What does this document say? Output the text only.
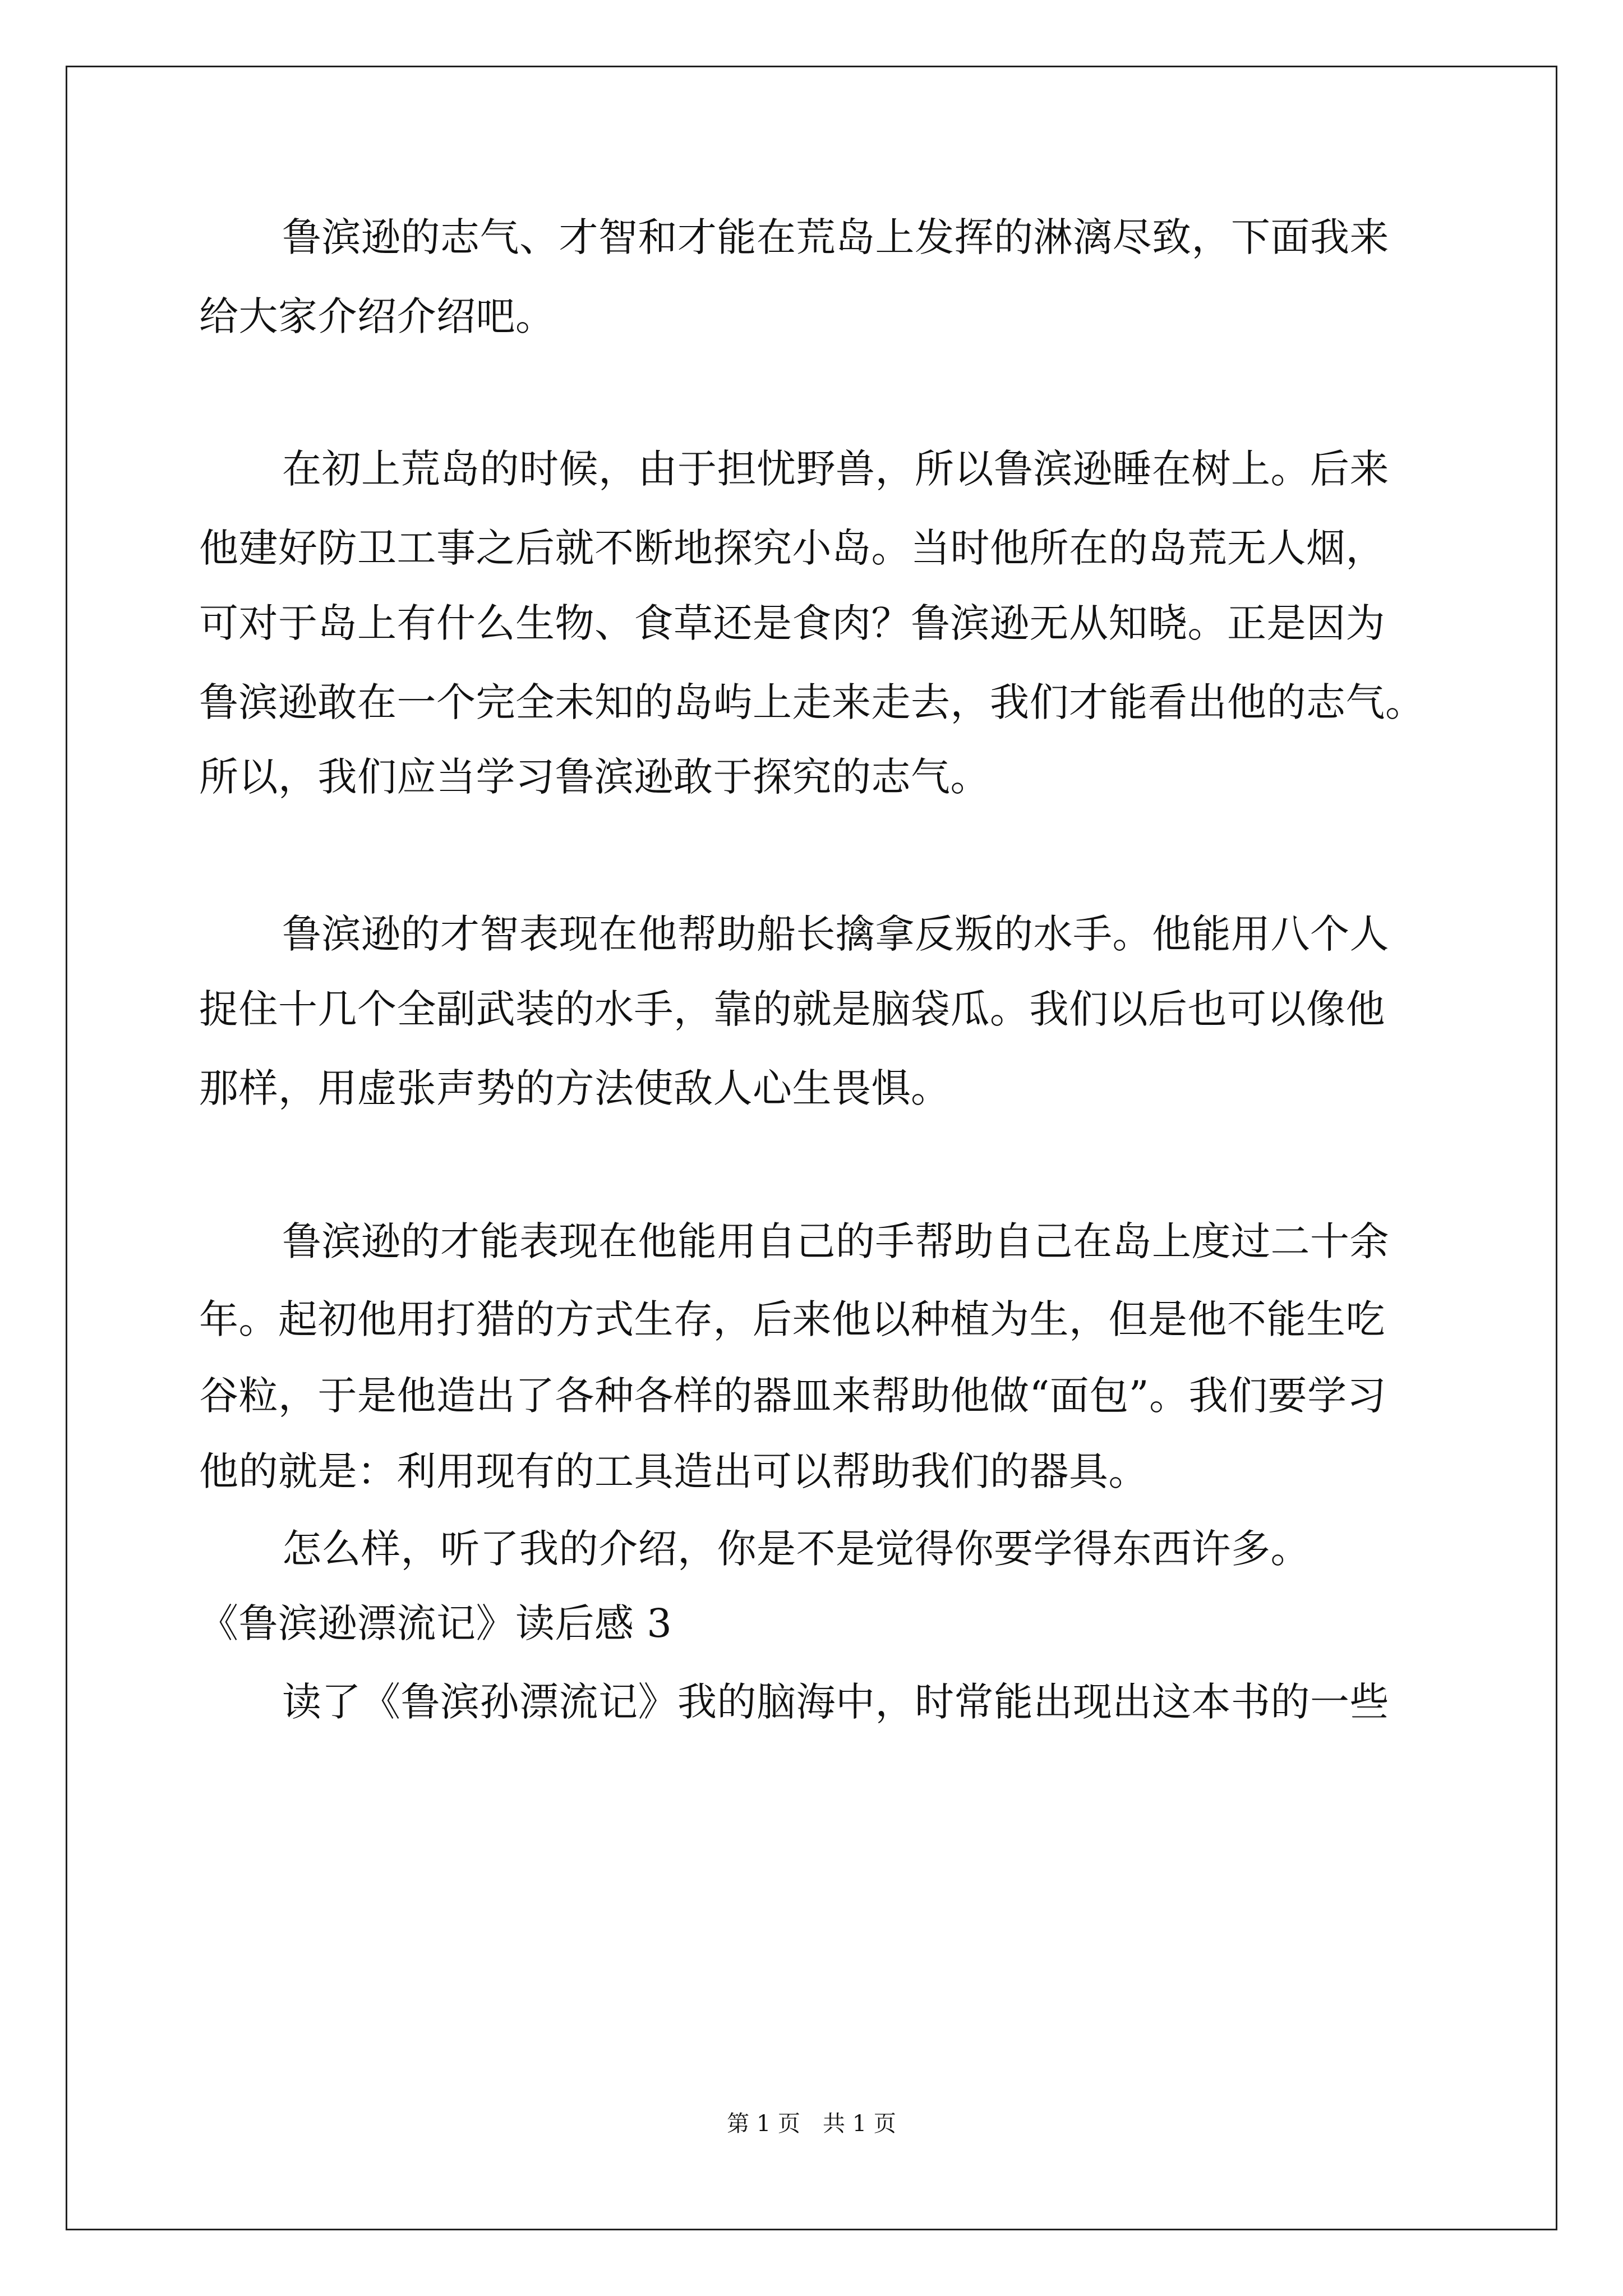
鲁滨逊的志气、才智和才能在荒岛上发挥的淋漓尽致，下面我来
给大家介绍介绍吧。
在初上荒岛的时候，由于担忧野兽，所以鲁滨逊睡在树上。后来
他建好防卫工事之后就不断地探究小岛。当时他所在的岛荒无人烟，
可对于岛上有什么生物、食草还是食肉？鲁滨逊无从知晓。正是因为
鲁滨逊敢在一个完全未知的岛屿上走来走去，我们才能看出他的志气。
所以，我们应当学习鲁滨逊敢于探究的志气。
鲁滨逊的才智表现在他帮助船长擒拿反叛的水手。他能用八个人
捉住十几个全副武装的水手，靠的就是脑袋瓜。我们以后也可以像他
那样，用虚张声势的方法使敌人心生畏惧。
鲁滨逊的才能表现在他能用自己的手帮助自己在岛上度过二十余
年。起初他用打猎的方式生存，后来他以种植为生，但是他不能生吃
谷粒，于是他造出了各种各样的器皿来帮助他做“面包”。我们要学习
他的就是：利用现有的工具造出可以帮助我们的器具。
怎么样，听了我的介绍，你是不是觉得你要学得东西许多。
《鲁滨逊漂流记》读后感 3
读了《鲁滨孙漂流记》我的脑海中，时常能出现出这本书的一些
第 1 页 共 1 页
